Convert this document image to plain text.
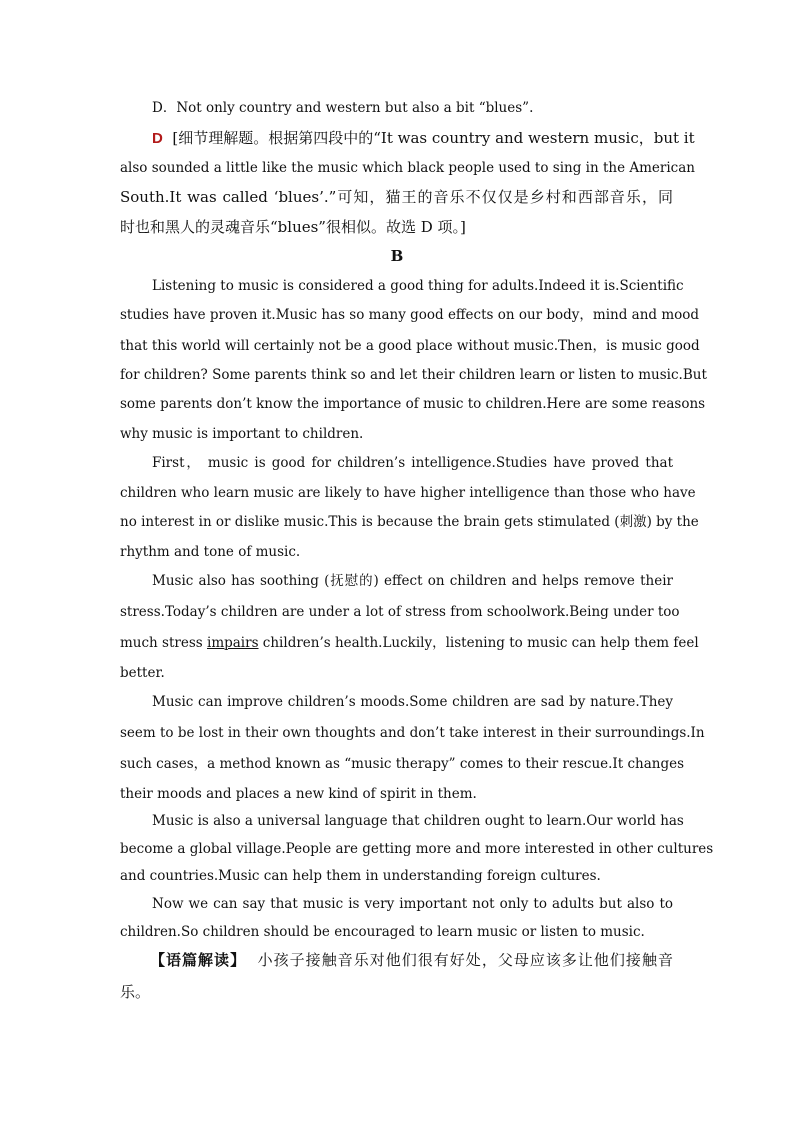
D．Not only country and western but also a bit “blues”.
D [细节理解题。根据第四段中的“It was country and western music，but it
also sounded a little like the music which black people used to sing in the American
South.It was called ‘blues’.”可知，猫王的音乐不仅仅是乡村和西部音乐，同
时也和黑人的灵魂音乐“blues”很相似。故选 D 项。]
B
Listening to music is considered a good thing for adults.Indeed it is.Scientific
studies have proven it.Music has so many good effects on our body，mind and mood
that this world will certainly not be a good place without music.Then，is music good
for children? Some parents think so and let their children learn or listen to music.But
some parents don’t know the importance of music to children.Here are some reasons
why music is important to children.
First， music is good for children’s intelligence.Studies have proved that
children who learn music are likely to have higher intelligence than those who have
no interest in or dislike music.This is because the brain gets stimulated (刺激) by the
rhythm and tone of music.
Music also has soothing (抚慰的) effect on children and helps remove their
stress.Today’s children are under a lot of stress from schoolwork.Being under too
much stress impairs children’s health.Luckily，listening to music can help them feel
better.
Music can improve children’s moods.Some children are sad by nature.They
seem to be lost in their own thoughts and don’t take interest in their surroundings.In
such cases，a method known as “music therapy” comes to their rescue.It changes
their moods and places a new kind of spirit in them.
Music is also a universal language that children ought to learn.Our world has
become a global village.People are getting more and more interested in other cultures
and countries.Music can help them in understanding foreign cultures.
Now we can say that music is very important not only to adults but also to
children.So children should be encouraged to learn music or listen to music.
【语篇解读】 小孩子接触音乐对他们很有好处，父母应该多让他们接触音
乐。
